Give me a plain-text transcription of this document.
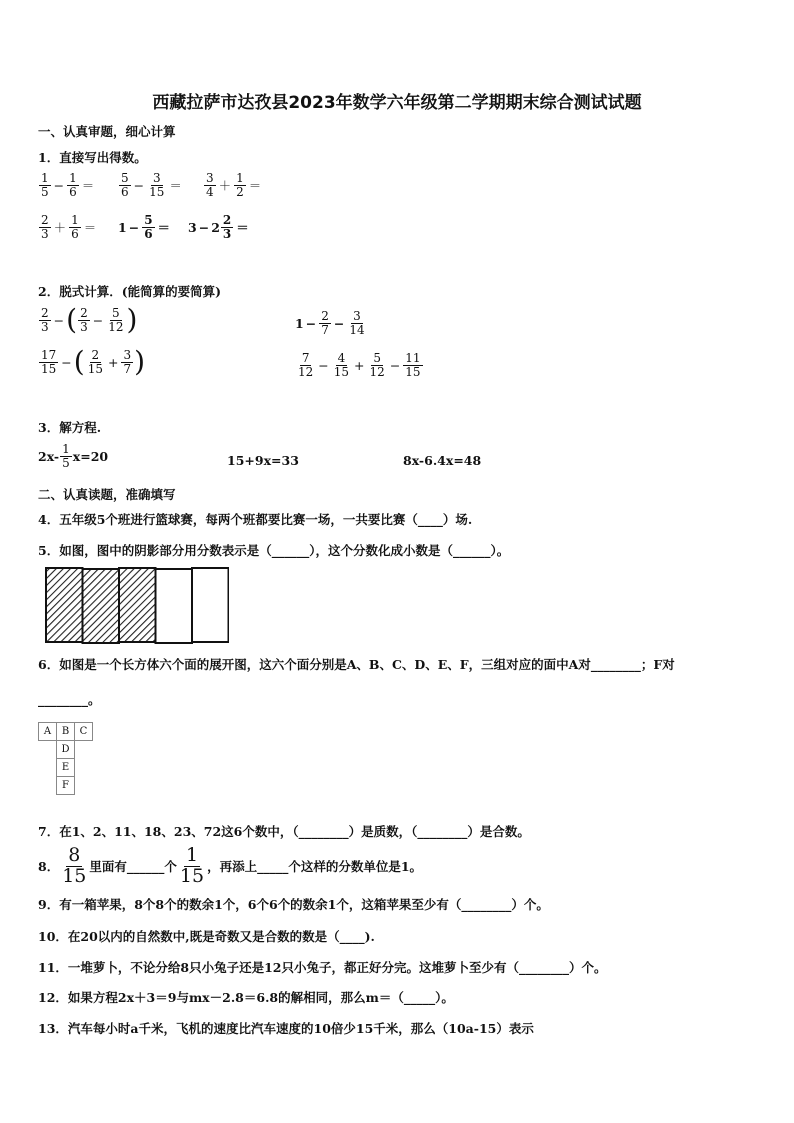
西藏拉萨市达孜县2023年数学六年级第二学期期末综合测试试题
一、认真审题，细心计算
1．直接写出得数。
$\frac{1}{5} - \frac{1}{6} = \frac{5}{6} - \frac{3}{15} = \frac{3}{4} + \frac{1}{2}$ ＝
$\frac{2}{3} + \frac{1}{6} = 1 - \frac{5}{6} = 3 - 2 \frac{2}{3}$ ＝
2．脱式计算．(能简算的要简算)
$\frac{2}{3}$ − ( $\frac{2}{3} - \frac{5}{12}$ )	$1 - \frac{2}{7} - \frac{3}{14}$
$\frac{17}{15}$ − ( $\frac{2}{15} + \frac{3}{7}$ )	$\frac{7}{12} - \frac{4}{15} + \frac{5}{12} - \frac{11}{15}$
3．解方程.
$2x- \frac{1}{5} x=20$	15+9x=33	8x-6.4x=48
二、认真读题，准确填写
4．五年级5个班进行篮球赛，每两个班都要比赛一场，一共要比赛（____）场.
5．如图，图中的阴影部分用分数表示是（______），这个分数化成小数是（______）。
6．如图是一个长方体六个面的展开图，这六个面分别是A、B、C、D、E、F，三组对应的面中A对________；F对
________。
A	B	C
	D	
	E	
	F	
7．在1、2、11、18、23、72这6个数中，（________）是质数，（________）是合数。
8． $\frac{8}{15}$ 里面有______个 $\frac{1}{15}$ ，再添上_____个这样的分数单位是1。
9．有一箱苹果，8个8个的数余1个，6个6个的数余1个，这箱苹果至少有（________）个。
10．在20以内的自然数中,既是奇数又是合数的数是（____).
11．一堆萝卜，不论分给8只小兔子还是12只小兔子，都正好分完。这堆萝卜至少有（________）个。
12．如果方程2x＋3＝9与mx－2.8＝6.8的解相同，那么m＝（_____）。
13．汽车每小时a千米，飞机的速度比汽车速度的10倍少15千米，那么（10a-15）表示
